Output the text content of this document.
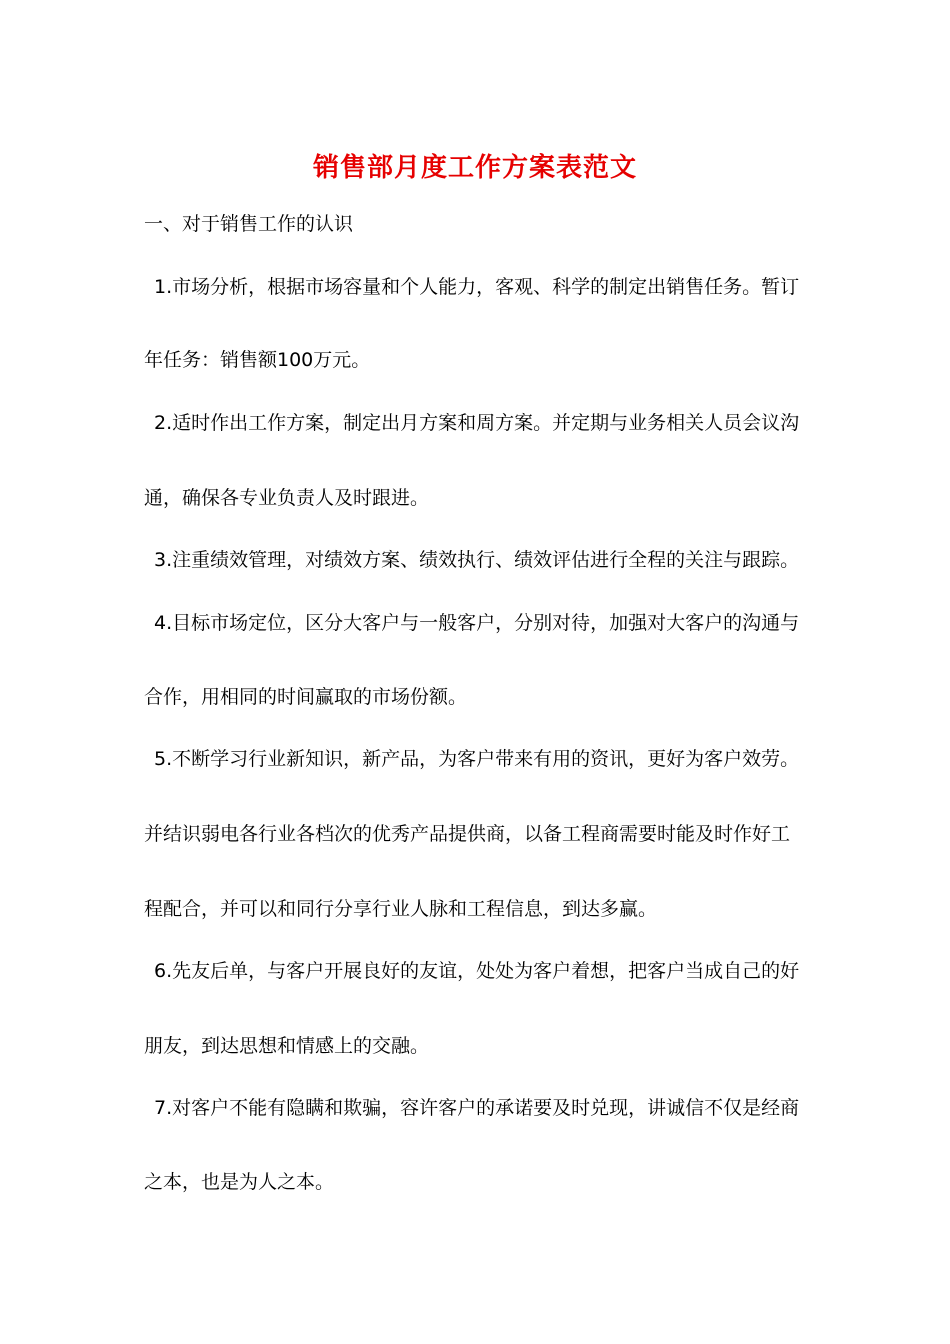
销售部月度工作方案表范文
一、对于销售工作的认识
1.市场分析，根据市场容量和个人能力，客观、科学的制定出销售任务。暂订
年任务：销售额100万元。
2.适时作出工作方案，制定出月方案和周方案。并定期与业务相关人员会议沟
通，确保各专业负责人及时跟进。
3.注重绩效管理，对绩效方案、绩效执行、绩效评估进行全程的关注与跟踪。
4.目标市场定位，区分大客户与一般客户，分别对待，加强对大客户的沟通与
合作，用相同的时间赢取的市场份额。
5.不断学习行业新知识，新产品，为客户带来有用的资讯，更好为客户效劳。
并结识弱电各行业各档次的优秀产品提供商，以备工程商需要时能及时作好工
程配合，并可以和同行分享行业人脉和工程信息，到达多赢。
6.先友后单，与客户开展良好的友谊，处处为客户着想，把客户当成自己的好
朋友，到达思想和情感上的交融。
7.对客户不能有隐瞒和欺骗，容许客户的承诺要及时兑现，讲诚信不仅是经商
之本，也是为人之本。
